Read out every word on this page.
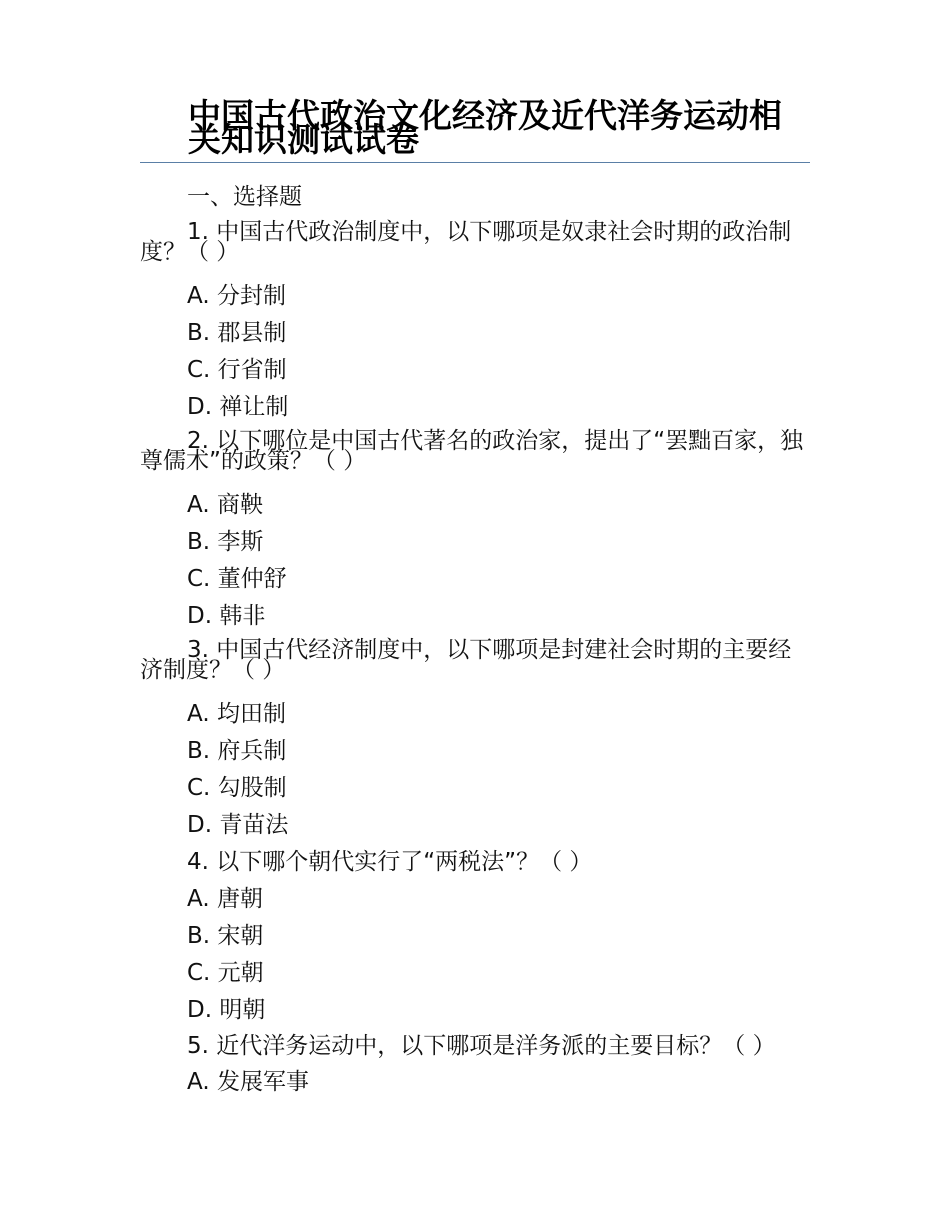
中国古代政治文化经济及近代洋务运动相关知识测试试卷
一、选择题
1. 中国古代政治制度中，以下哪项是奴隶社会时期的政治制度？（ ）
A. 分封制
B. 郡县制
C. 行省制
D. 禅让制
2. 以下哪位是中国古代著名的政治家，提出了“罢黜百家，独尊儒术”的政策？（ ）
A. 商鞅
B. 李斯
C. 董仲舒
D. 韩非
3. 中国古代经济制度中，以下哪项是封建社会时期的主要经济制度？（ ）
A. 均田制
B. 府兵制
C. 勾股制
D. 青苗法
4. 以下哪个朝代实行了“两税法”？（ ）
A. 唐朝
B. 宋朝
C. 元朝
D. 明朝
5. 近代洋务运动中，以下哪项是洋务派的主要目标？（ ）
A. 发展军事
